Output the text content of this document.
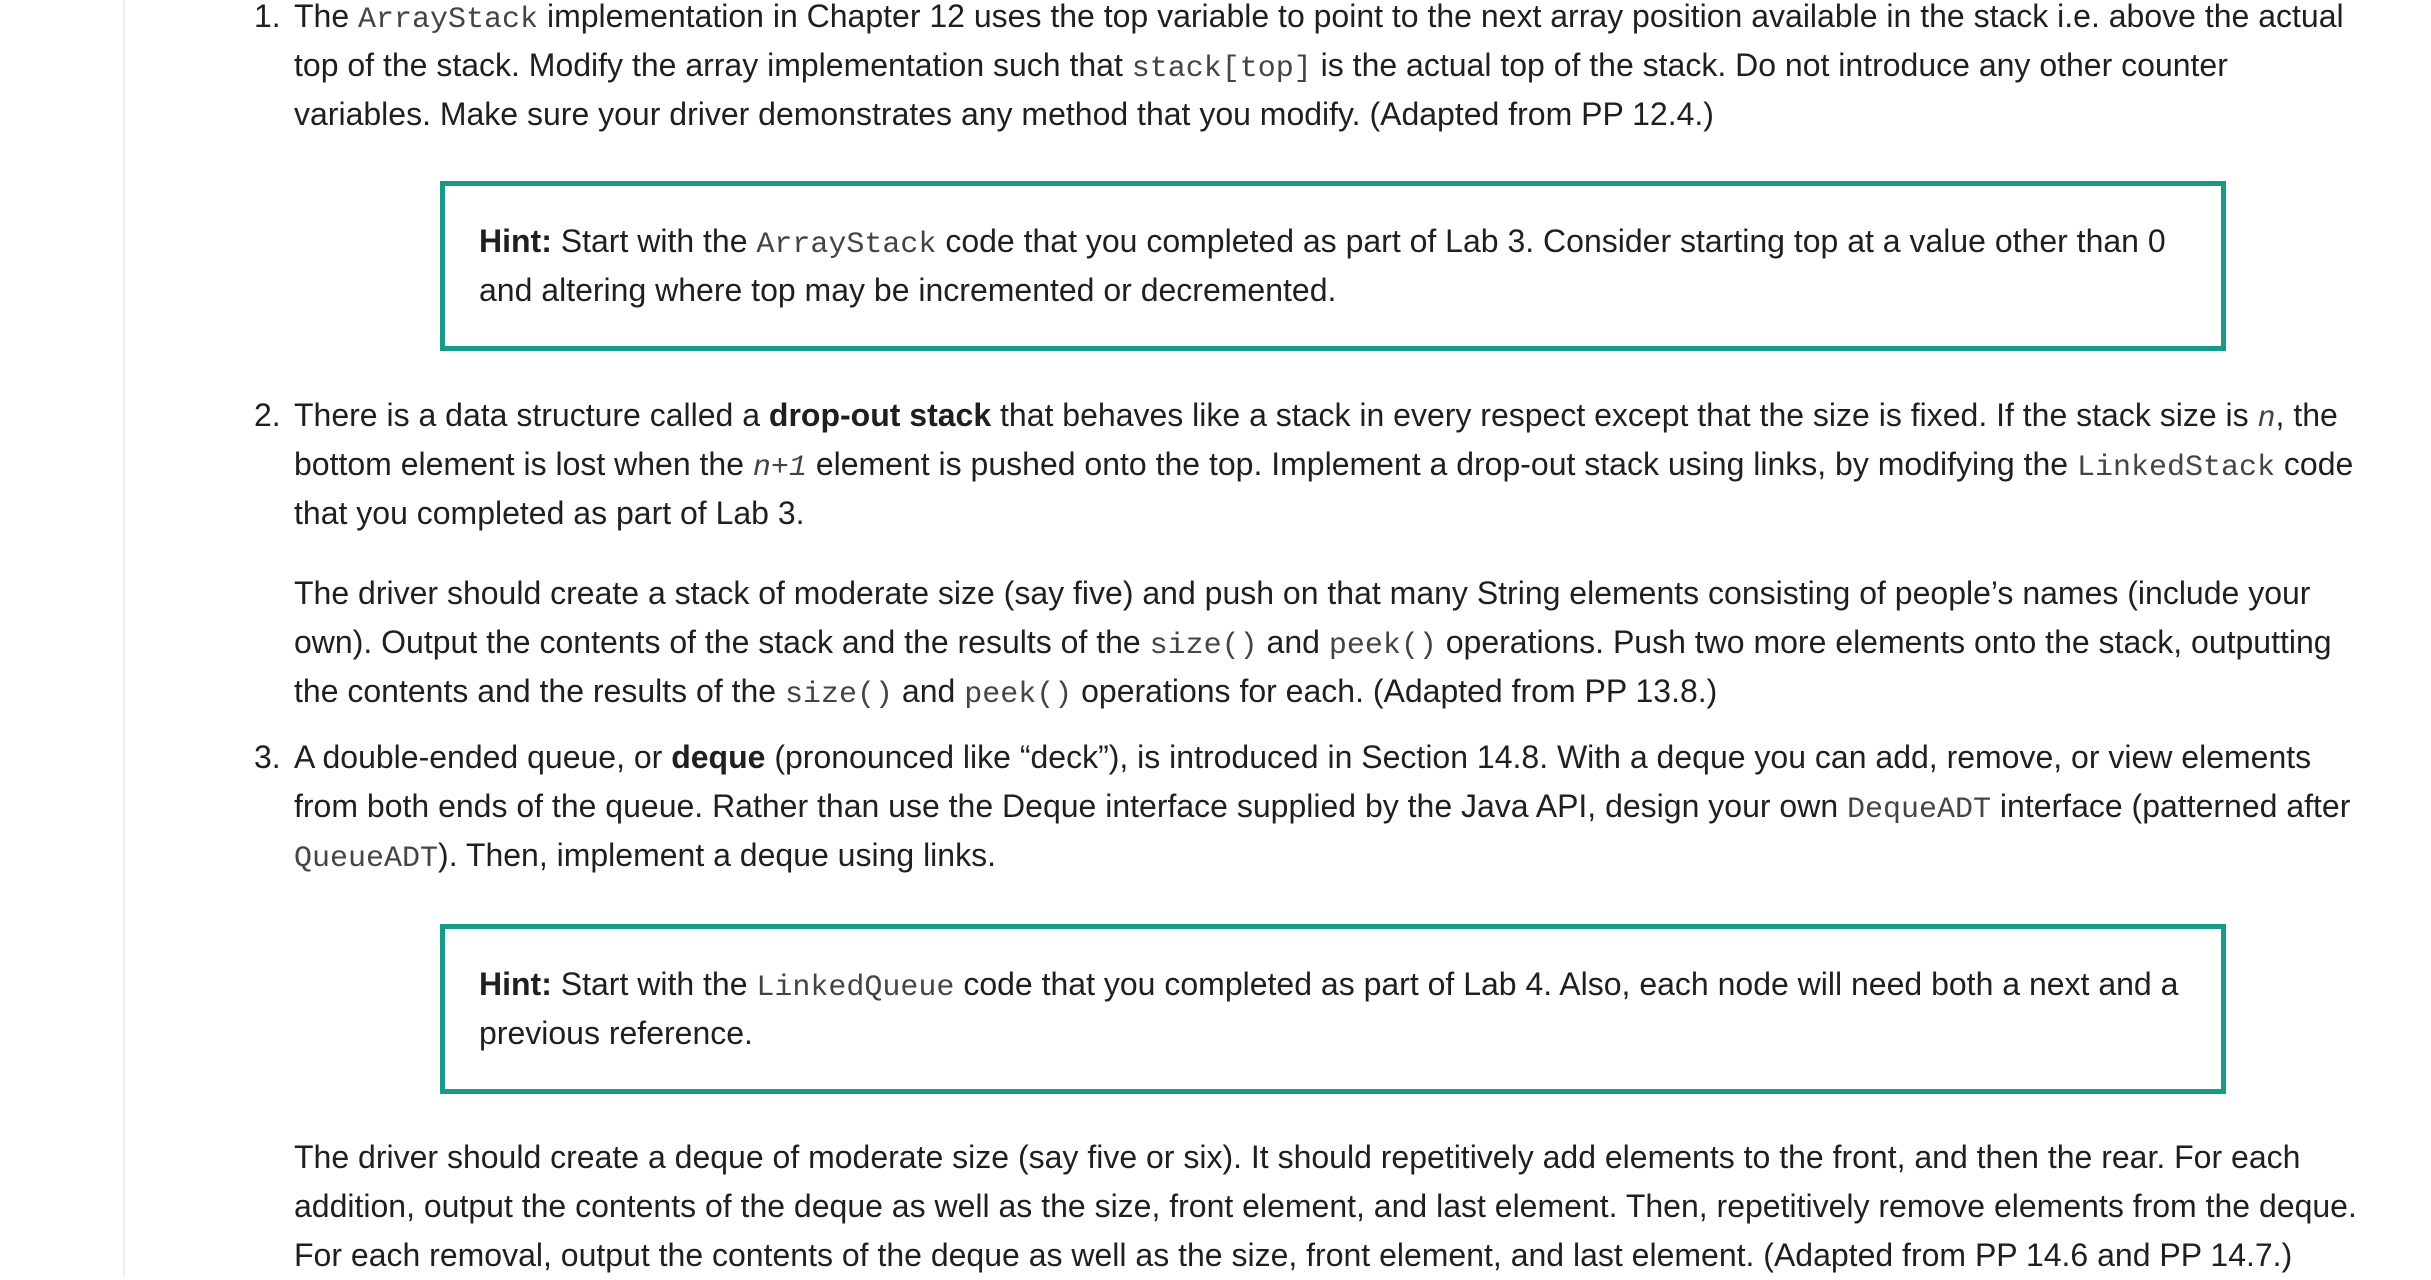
1. The ArrayStack implementation in Chapter 12 uses the top variable to point to the next array position available in the stack i.e. above the actual
top of the stack. Modify the array implementation such that stack[top] is the actual top of the stack. Do not introduce any other counter
variables. Make sure your driver demonstrates any method that you modify. (Adapted from PP 12.4.)
Hint: Start with the ArrayStack code that you completed as part of Lab 3. Consider starting top at a value other than 0
and altering where top may be incremented or decremented.
2. There is a data structure called a drop-out stack that behaves like a stack in every respect except that the size is fixed. If the stack size is n, the
bottom element is lost when the n+1 element is pushed onto the top. Implement a drop-out stack using links, by modifying the LinkedStack code
that you completed as part of Lab 3.
The driver should create a stack of moderate size (say five) and push on that many String elements consisting of people’s names (include your
own). Output the contents of the stack and the results of the size() and peek() operations. Push two more elements onto the stack, outputting
the contents and the results of the size() and peek() operations for each. (Adapted from PP 13.8.)
3. A double-ended queue, or deque (pronounced like “deck”), is introduced in Section 14.8. With a deque you can add, remove, or view elements
from both ends of the queue. Rather than use the Deque interface supplied by the Java API, design your own DequeADT interface (patterned after
QueueADT). Then, implement a deque using links.
Hint: Start with the LinkedQueue code that you completed as part of Lab 4. Also, each node will need both a next and a
previous reference.
The driver should create a deque of moderate size (say five or six). It should repetitively add elements to the front, and then the rear. For each
addition, output the contents of the deque as well as the size, front element, and last element. Then, repetitively remove elements from the deque.
For each removal, output the contents of the deque as well as the size, front element, and last element. (Adapted from PP 14.6 and PP 14.7.)
